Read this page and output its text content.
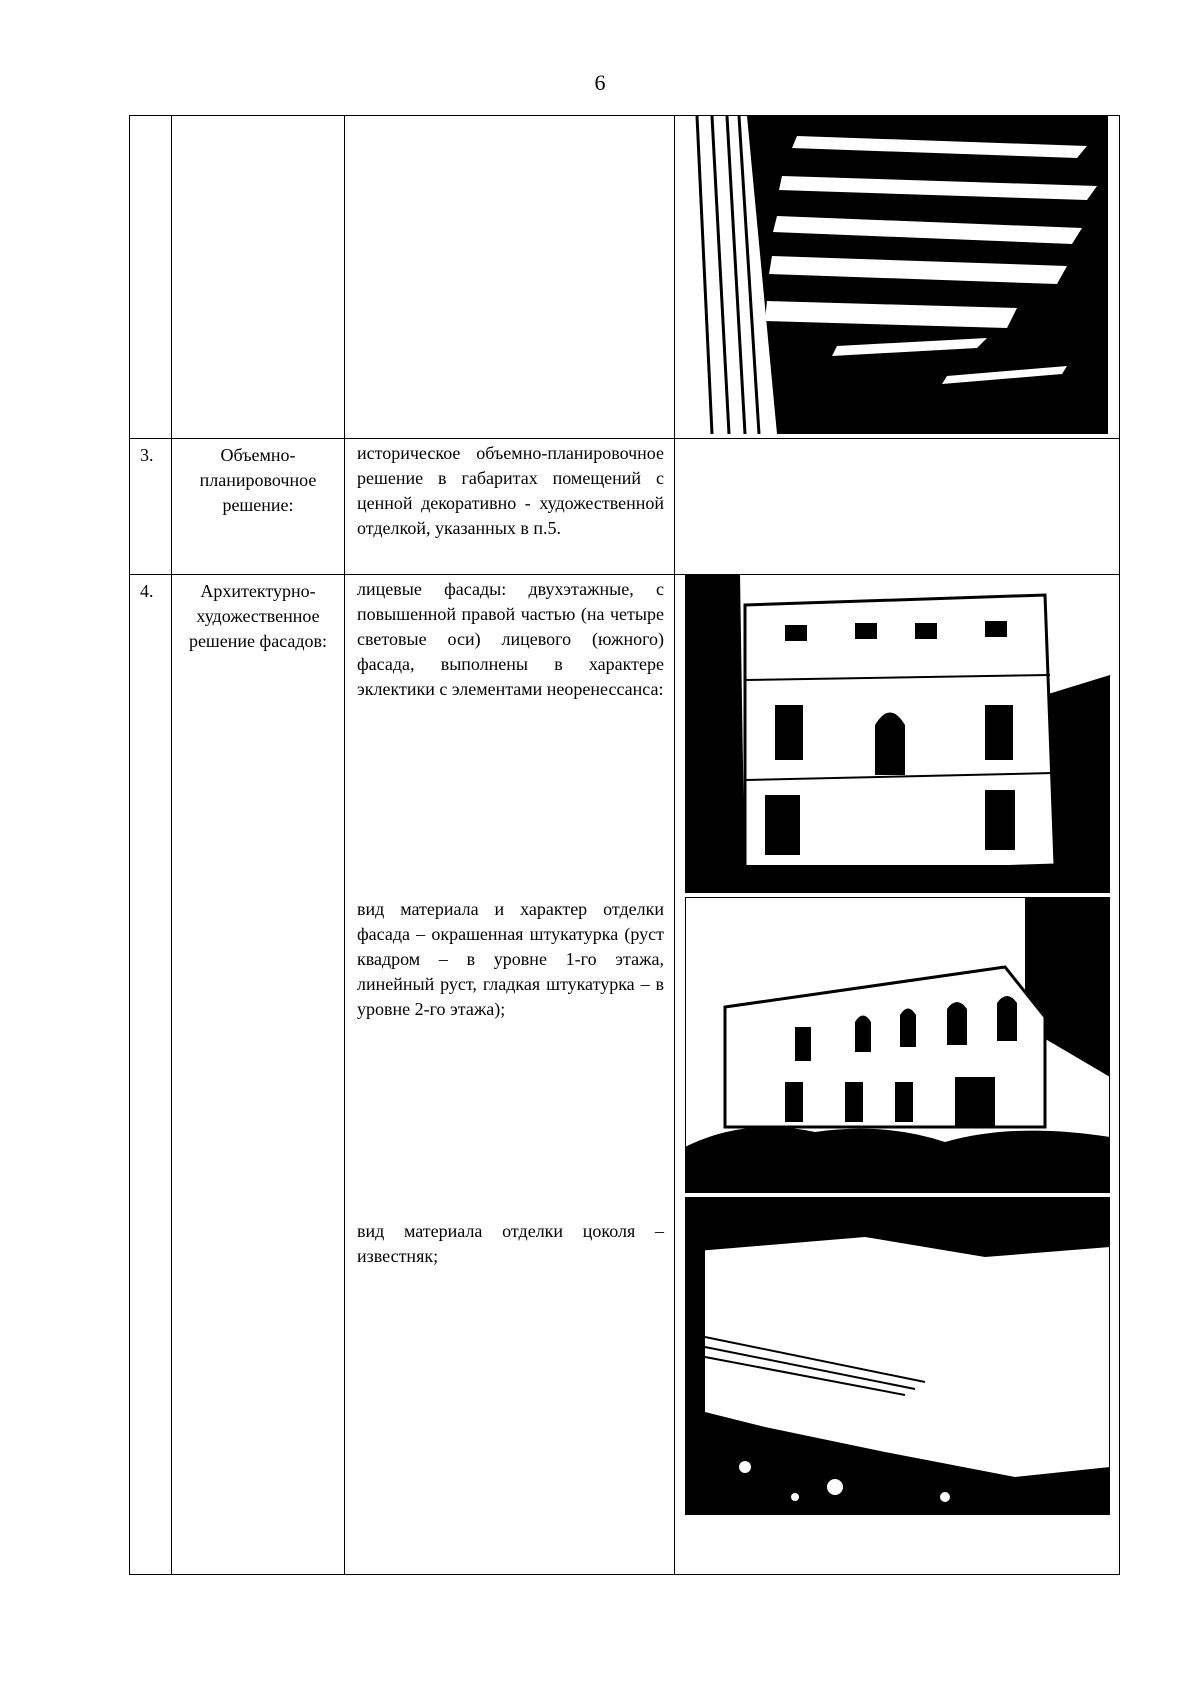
6

3.	Объемно-планировочное решение:	историческое объемно-планировочное решение в габаритах помещений с ценной декоративно - художественной отделкой, указанных в п.5.	

4.	Архитектурно-художественное решение фасадов:	лицевые фасады: двухэтажные, с повышенной правой частью (на четыре световые оси) лицевого (южного) фасада, выполнены в характере эклектики с элементами неоренессанса:
вид материала и характер отделки фасада – окрашенная штукатурка (руст квадром – в уровне 1-го этажа, линейный руст, гладкая штукатурка – в уровне 2-го этажа);
вид материала отделки цоколя – известняк;
